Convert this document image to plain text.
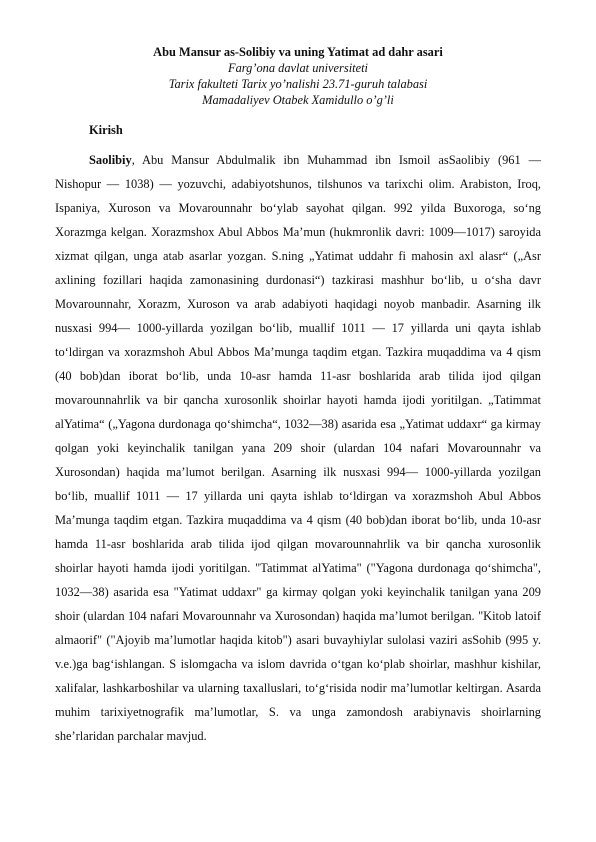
Abu Mansur as-Solibiy va uning Yatimat ad dahr asari

Farg’ona davlat universiteti

Tarix fakulteti Tarix yo’nalishi 23.71-guruh talabasi

Mamadaliyev Otabek Xamidullo o’g’li

Kirish

Saolibiy, Abu Mansur Abdulmalik ibn Muhammad ibn Ismoil asSaolibiy (961 — Nishopur — 1038) — yozuvchi, adabiyotshunos, tilshunos va tarixchi olim. Arabiston, Iroq, Ispaniya, Xuroson va Movarounnahr bo‘ylab sayohat qilgan. 992 yilda Buxoroga, so‘ng Xorazmga kelgan. Xorazmshox Abul Abbos Ma’mun (hukmronlik davri: 1009—1017) saroyida xizmat qilgan, unga atab asarlar yozgan. S.ning „Yatimat uddahr fi mahosin axl alasr“ („Asr axlining fozillari haqida zamonasining durdonasi“) tazkirasi mashhur bo‘lib, u o‘sha davr Movarounnahr, Xorazm, Xuroson va arab adabiyoti haqidagi noyob manbadir. Asarning ilk nusxasi 994— 1000-yillarda yozilgan bo‘lib, muallif 1011 — 17 yillarda uni qayta ishlab to‘ldirgan va xorazmshoh Abul Abbos Ma’munga taqdim etgan. Tazkira muqaddima va 4 qism (40 bob)dan iborat bo‘lib, unda 10-asr hamda 11-asr boshlarida arab tilida ijod qilgan movarounnahrlik va bir qancha xurosonlik shoirlar hayoti hamda ijodi yoritilgan. „Tatimmat alYatima“ („Yagona durdonaga qo‘shimcha“, 1032—38) asarida esa „Yatimat uddaxr“ ga kirmay qolgan yoki keyinchalik tanilgan yana 209 shoir (ulardan 104 nafari Movarounnahr va Xurosondan) haqida ma’lumot berilgan. Asarning ilk nusxasi 994— 1000-yillarda yozilgan bo‘lib, muallif 1011 — 17 yillarda uni qayta ishlab to‘ldirgan va xorazmshoh Abul Abbos Ma’munga taqdim etgan. Tazkira muqaddima va 4 qism (40 bob)dan iborat bo‘lib, unda 10-asr hamda 11-asr boshlarida arab tilida ijod qilgan movarounnahrlik va bir qancha xurosonlik shoirlar hayoti hamda ijodi yoritilgan. "Tatimmat alYatima" ("Yagona durdonaga qo‘shimcha", 1032—38) asarida esa "Yatimat uddaxr" ga kirmay qolgan yoki keyinchalik tanilgan yana 209 shoir (ulardan 104 nafari Movarounnahr va Xurosondan) haqida ma’lumot berilgan. "Kitob latoif almaorif" ("Ajoyib ma’lumotlar haqida kitob") asari buvayhiylar sulolasi vaziri asSohib (995 y. v.e.)ga bag‘ishlangan. S islomgacha va islom davrida o‘tgan ko‘plab shoirlar, mashhur kishilar, xalifalar, lashkarboshilar va ularning taxalluslari, to‘g‘risida nodir ma’lumotlar keltirgan. Asarda muhim tarixiyetnografik ma’lumotlar, S. va unga zamondosh arabiynavis shoirlarning she’rlaridan parchalar mavjud.
